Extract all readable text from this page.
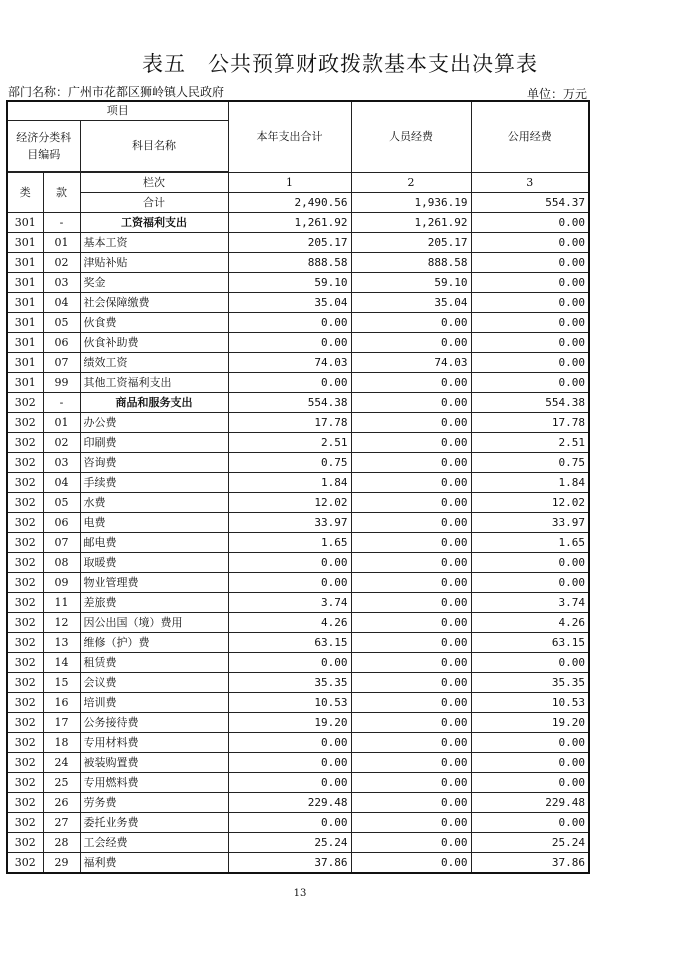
表五　公共预算财政拨款基本支出决算表
部门名称：广州市花都区狮岭镇人民政府	单位：万元
项目			本年支出合计	人员经费	公用经费
经济分类科目编码		科目名称			

类	款	栏次	1	2	3
		合计	2,490.56	1,936.19	554.37
301	-	工资福利支出	1,261.92	1,261.92	0.00
301	01	基本工资	205.17	205.17	0.00
301	02	津贴补贴	888.58	888.58	0.00
301	03	奖金	59.10	59.10	0.00
301	04	社会保障缴费	35.04	35.04	0.00
301	05	伙食费	0.00	0.00	0.00
301	06	伙食补助费	0.00	0.00	0.00
301	07	绩效工资	74.03	74.03	0.00
301	99	其他工资福利支出	0.00	0.00	0.00
302	-	商品和服务支出	554.38	0.00	554.38
302	01	办公费	17.78	0.00	17.78
302	02	印刷费	2.51	0.00	2.51
302	03	咨询费	0.75	0.00	0.75
302	04	手续费	1.84	0.00	1.84
302	05	水费	12.02	0.00	12.02
302	06	电费	33.97	0.00	33.97
302	07	邮电费	1.65	0.00	1.65
302	08	取暖费	0.00	0.00	0.00
302	09	物业管理费	0.00	0.00	0.00
302	11	差旅费	3.74	0.00	3.74
302	12	因公出国（境）费用	4.26	0.00	4.26
302	13	维修（护）费	63.15	0.00	63.15
302	14	租赁费	0.00	0.00	0.00
302	15	会议费	35.35	0.00	35.35
302	16	培训费	10.53	0.00	10.53
302	17	公务接待费	19.20	0.00	19.20
302	18	专用材料费	0.00	0.00	0.00
302	24	被装购置费	0.00	0.00	0.00
302	25	专用燃料费	0.00	0.00	0.00
302	26	劳务费	229.48	0.00	229.48
302	27	委托业务费	0.00	0.00	0.00
302	28	工会经费	25.24	0.00	25.24
302	29	福利费	37.86	0.00	37.86
13
